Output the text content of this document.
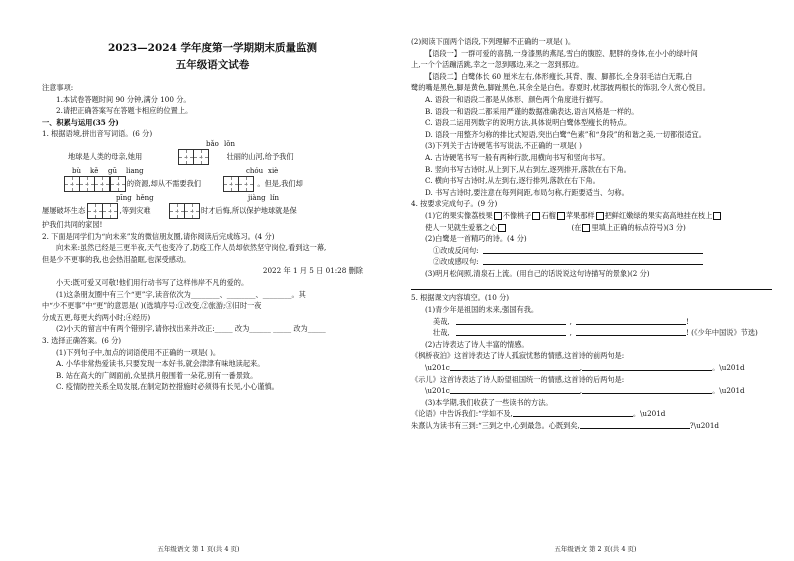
2023—2024 学年度第一学期期末质量监测
五年级语文试卷
注意事项:
1.本试卷答题时间 90 分钟,满分 100 分。
2.请把正确答案写在答题卡相应的位置上。
一、积累与运用(35 分)
1. 根据语境,拼出音写词语。(6 分)
bǎo lǒn
地球是人类的母亲,她用	壮丽的山河,给予我们
bù	kě	gū	liang	chóu xiè
的资源,却从不需要我们	。但是,我们却
pīng hěng	jiàng lín
屡屡破坏生态	,等到灾难	时才后悔,所以保护地球就是保
护我们共同的家园!
2. 下面是同学们为“向未来”发的微信朋友圈,请你阅读后完成练习。(4 分)
向未来:虽然已经是三更半夜,天气也变冷了,防疫工作人员却依然坚守岗位,看到这一幕,
但是少不更事的我,也会热泪盈眶,也深受感动。
2022 年 1 月 5 日 01:28 删除
小天:既可爱又可敬!他们用行动书写了这样伟岸不凡的爱的。
(1)这条朋友圈中有三个“更”字,读音依次为________、________、________。其
中“少不更事”中“更”的意思是( )(选填序号:①改变,②旅游;③旧时一夜
分成五更,每更大约两小时;④经历)
(2)小天的留言中有两个错别字,请你找出来并改正:_____ 改为______ _____ 改为_____
3. 选择正确答案。(6 分)
(1)下列句子中,加点的词语使用不正确的一项是( )。
A. 小华非常热爱读书,只要发现一本好书,就会津津有味地读起来。
B. 站在高大的广阔面前,众星拱月般围着一朵花,别有一番景致。
C. 疫情防控关系全局发展,在制定防控措施时必须得有长见,小心谨慎。
五年级语文 第 1 页(共 4 页)
(2)阅读下面两个语段,下列理解不正确的一项是( )。
【语段一】一群可爱的喜鹊,一身漆黑的燕尾,雪白的腹腔、肥胖的身体,在小小的绿叶间
上,一个个活蹦活跳,幸之一忽到哪边,来之一忽到那边。
【语段二】白鹭体长 60 厘米左右,体形瘦长,其背、腹、脚都长,全身羽毛洁白无瑕,白
鹭的嘴是黑色,脚是黄色,脚趾黑色,其余全是白色。春夏时,枕部披两根长的饰羽,令人赏心悦目。
A. 语段一和语段二都是从体形、颜色两个角度进行描写。
B. 语段一和语段二都采用严谨的数据准确表达,语言风格是一样的。
C. 语段二运用列数字的说明方法,具体说明白鹭体型瘦长的特点。
D. 语段一用整齐匀称的排比式短语,突出白鹭“色素”和“身段”的和谐之美,一切都很适宜。
(3)下列关于古诗硬笔书写说法,不正确的一项是( )
A. 古诗硬笔书写一般有两种行款,用横向书写和竖向书写。
B. 竖向书写古诗时,从上到下,从右到左,逐列排开,落款在右下角。
C. 横向书写古诗时,从左到右,逐行排列,落款在右下角。
D. 书写古诗时,要注意在每列间距,布局匀称,行距要适当、匀称。
4. 按要求完成句子。(9 分)
(1)它的果实像荔枝果 不像桃子 石榴 苹果那样 把鲜红嫩绿的果实高高地挂在枝上
使人一见就生爱慕之心	(在 里填上正确的标点符号)(3 分)
(2)白鹭是一首精巧的诗。(4 分)
①改成反问句:
②改成感叹句:
(3)明月松间照,清泉石上流。(用自己的话说说这句诗描写的景象)(2 分)
5. 根据课文内容填空。(10 分)
(1)青少年是祖国的未来,强国有我。
美哉,	,	!
壮哉,	,	! (《少年中国说》节选)
(2)古诗表达了诗人丰富的情感。
《枫桥夜泊》这首诗表达了诗人孤寂忧愁的情感,这首诗的前两句是:
\u201c	,	。\u201d
《示儿》这首诗表达了诗人盼望祖国统一的情感,这首诗的后两句是:
\u201c	,	。\u201d
(3)本学期,我们收获了一些读书的方法。
《论语》中告诉我们:“学如不及,	。\u201d
朱熹认为读书有三到:“三到之中,心到最急。心既到矣,	?\u201d
五年级语文 第 2 页(共 4 页)
